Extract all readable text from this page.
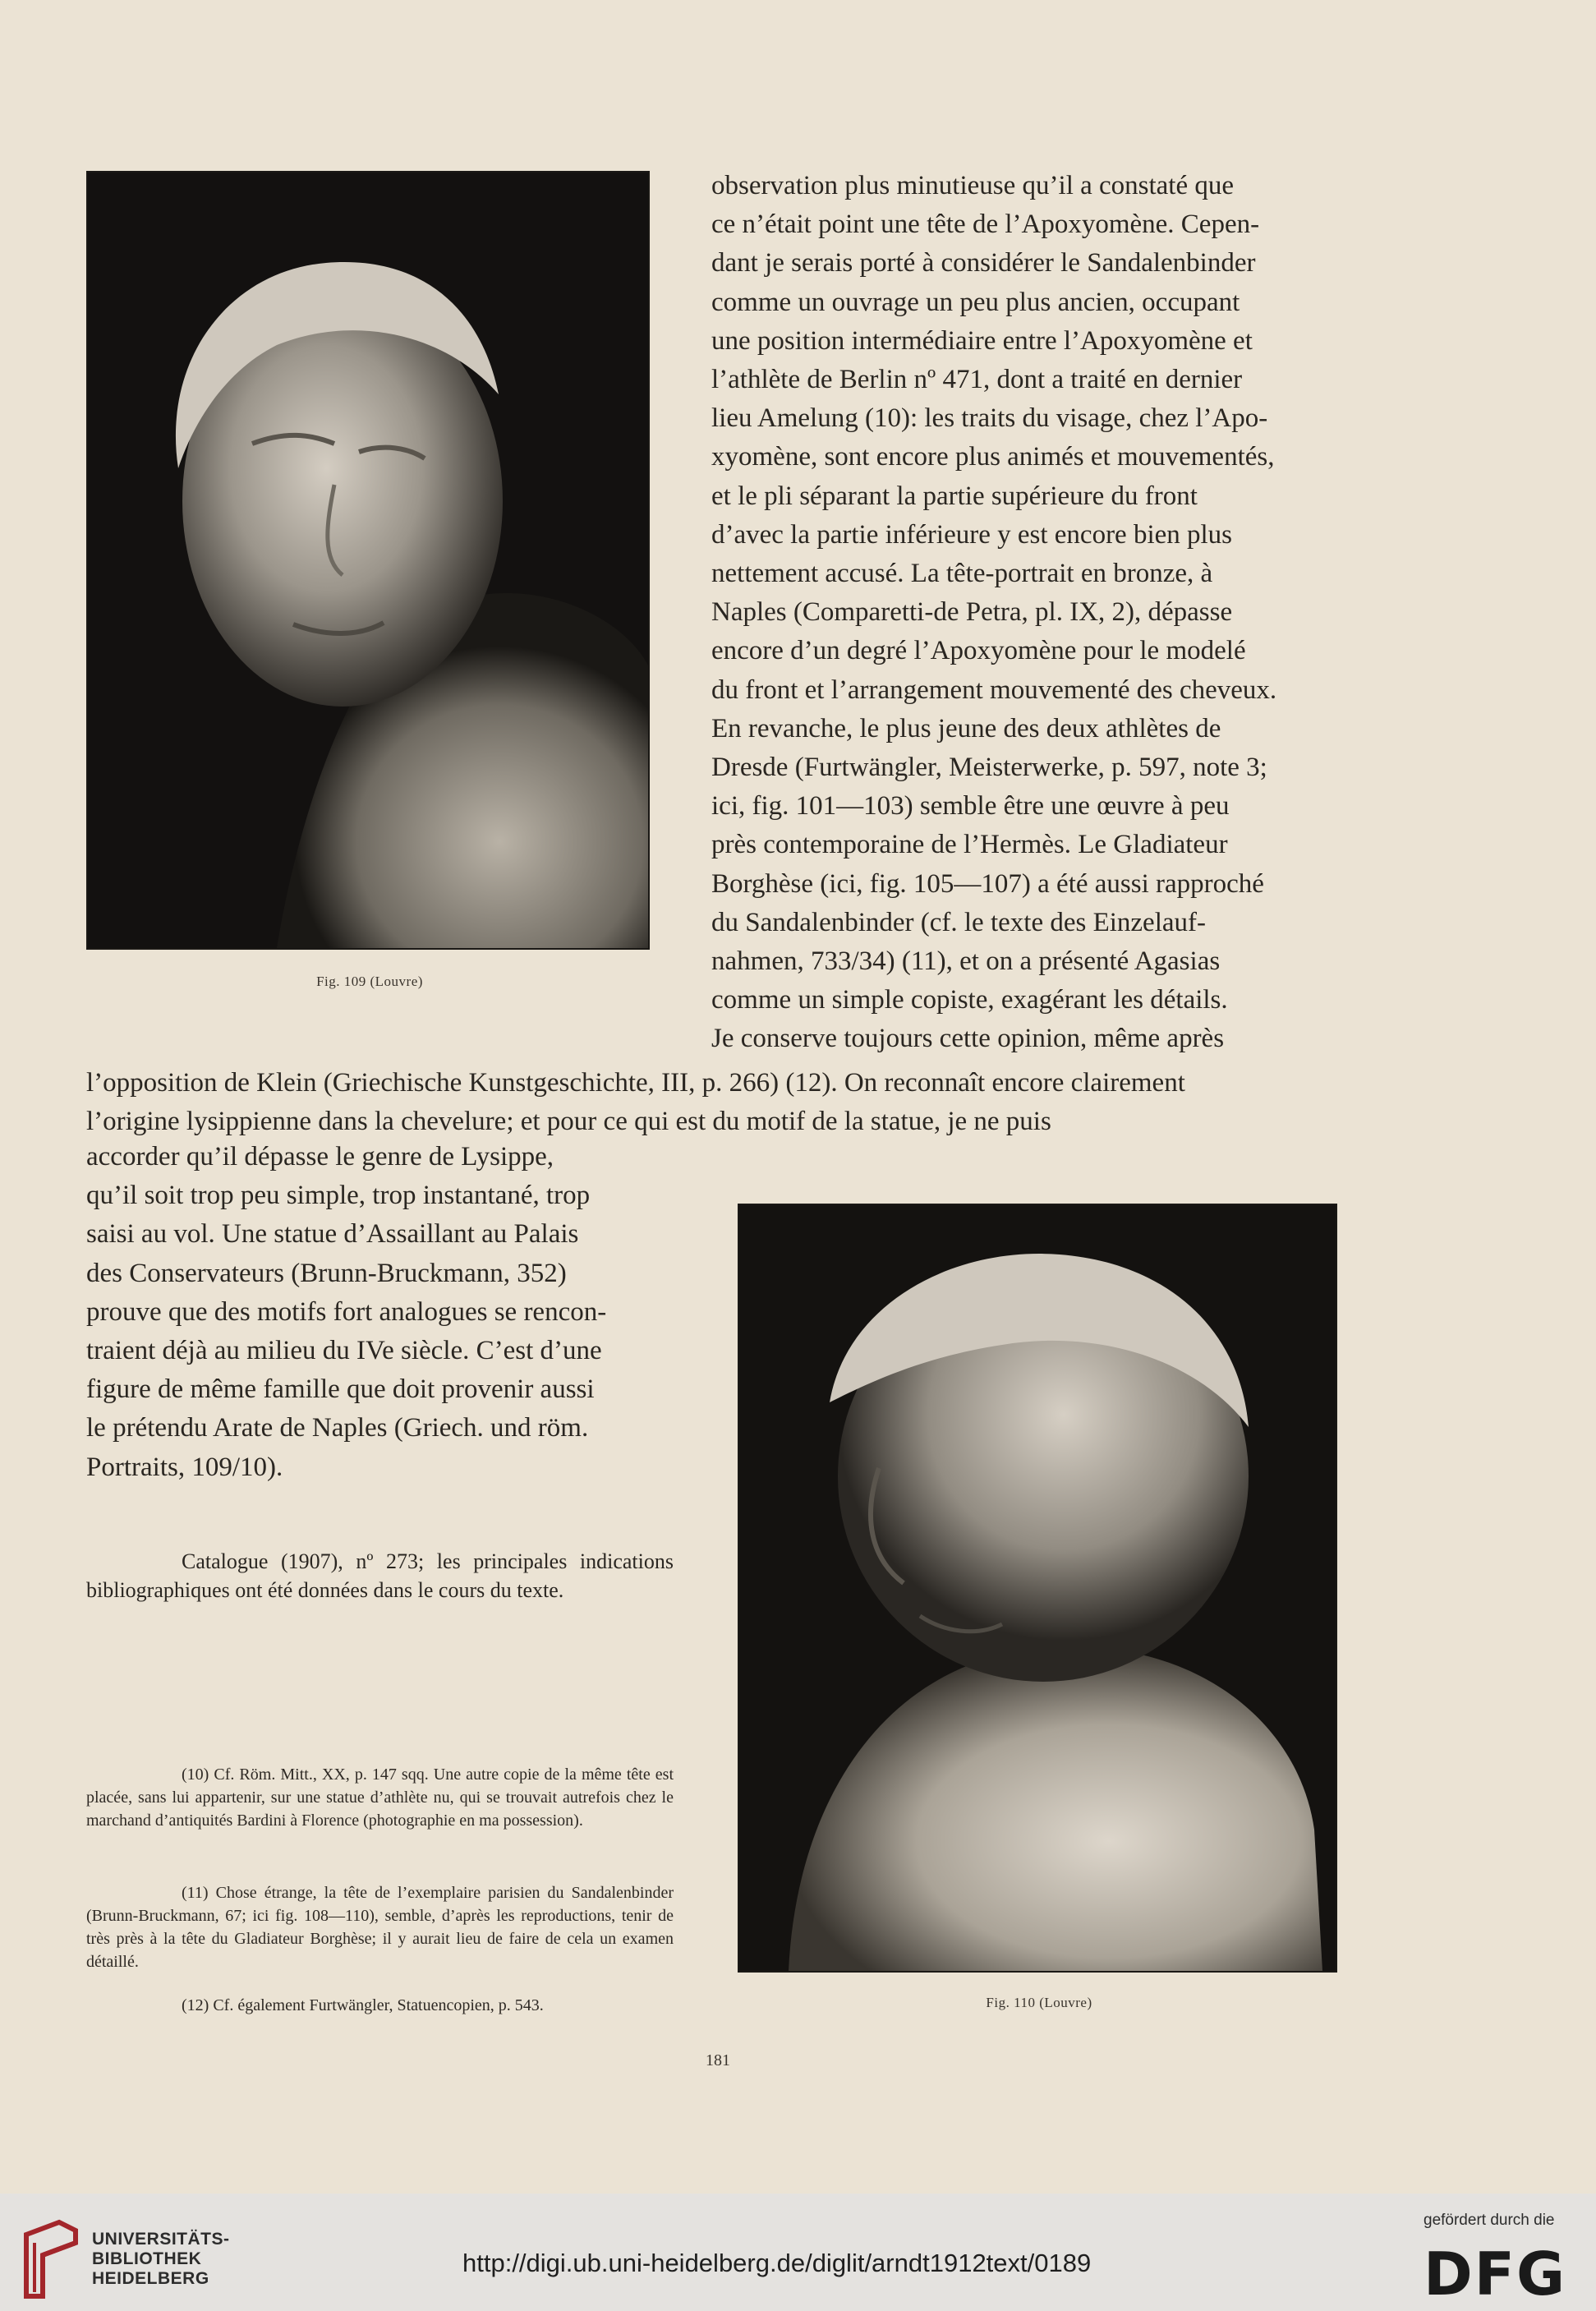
Fig. 109 (Louvre)
observation plus minutieuse qu’il a constaté que
ce n’était point une tête de l’Apoxyomène. Cepen-
dant je serais porté à considérer le Sandalenbinder
comme un ouvrage un peu plus ancien, occupant
une position intermédiaire entre l’Apoxyomène et
l’athlète de Berlin nº 471, dont a traité en dernier
lieu Amelung (10): les traits du visage, chez l’Apo-
xyomène, sont encore plus animés et mouvementés,
et le pli séparant la partie supérieure du front
d’avec la partie inférieure y est encore bien plus
nettement accusé. La tête-portrait en bronze, à
Naples (Comparetti-de Petra, pl. IX, 2), dépasse
encore d’un degré l’Apoxyomène pour le modelé
du front et l’arrangement mouvementé des cheveux.
En revanche, le plus jeune des deux athlètes de
Dresde (Furtwängler, Meisterwerke, p. 597, note 3;
ici, fig. 101—103) semble être une œuvre à peu
près contemporaine de l’Hermès. Le Gladiateur
Borghèse (ici, fig. 105—107) a été aussi rapproché
du Sandalenbinder (cf. le texte des Einzelauf-
nahmen, 733/34) (11), et on a présenté Agasias
comme un simple copiste, exagérant les détails.
Je conserve toujours cette opinion, même après
l’opposition de Klein (Griechische Kunstgeschichte, III, p. 266) (12). On reconnaît encore clairement
l’origine lysippienne dans la chevelure; et pour ce qui est du motif de la statue, je ne puis
accorder qu’il dépasse le genre de Lysippe,
qu’il soit trop peu simple, trop instantané, trop
saisi au vol. Une statue d’Assaillant au Palais
des Conservateurs (Brunn-Bruckmann, 352)
prouve que des motifs fort analogues se rencon-
traient déjà au milieu du IVe siècle. C’est d’une
figure de même famille que doit provenir aussi
le prétendu Arate de Naples (Griech. und röm.
Portraits, 109/10).
Catalogue (1907), nº 273; les principales indications bibliographiques ont été données dans le cours du texte.
(10) Cf. Röm. Mitt., XX, p. 147 sqq. Une autre copie de la même tête est placée, sans lui appartenir, sur une statue d’athlète nu, qui se trouvait autrefois chez le marchand d’antiquités Bardini à Florence (photographie en ma possession).
(11) Chose étrange, la tête de l’exemplaire parisien du Sandalenbinder (Brunn-Bruckmann, 67; ici fig. 108—110), semble, d’après les reproductions, tenir de très près à la tête du Gladiateur Borghèse; il y aurait lieu de faire de cela un examen détaillé.
(12) Cf. également Furtwängler, Statuencopien, p. 543.	Fig. 110 (Louvre)
181
UNIVERSITÄTS-
BIBLIOTHEK
HEIDELBERG
http://digi.ub.uni-heidelberg.de/diglit/arndt1912text/0189
gefördert durch die
DFG
